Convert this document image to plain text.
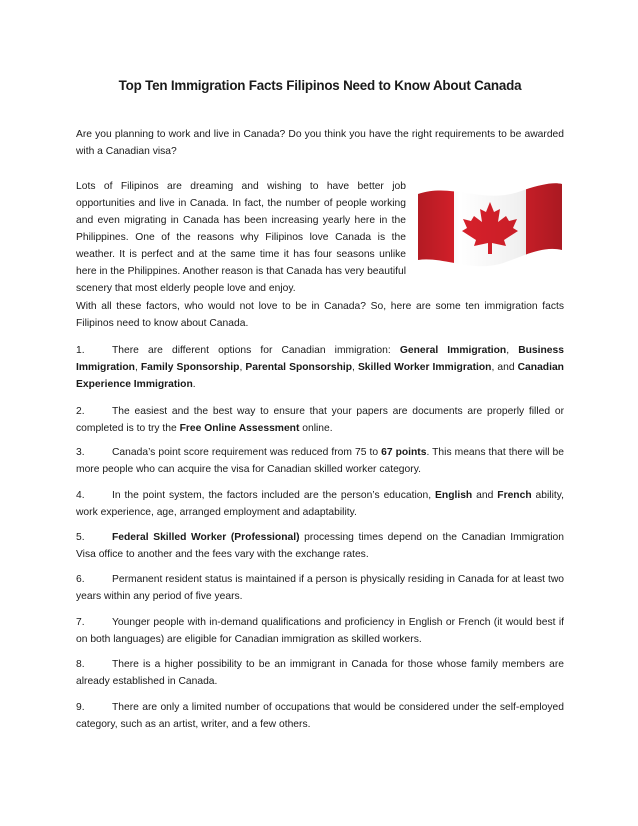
Top Ten Immigration Facts Filipinos Need to Know About Canada

Are you planning to work and live in Canada? Do you think you have the right requirements to be awarded with a Canadian visa?

Lots of Filipinos are dreaming and wishing to have better job opportunities and live in Canada. In fact, the number of people working and even migrating in Canada has been increasing yearly here in the Philippines. One of the reasons why Filipinos love Canada is the weather. It is perfect and at the same time it has four seasons unlike here in the Philippines. Another reason is that Canada has very beautiful scenery that most elderly people love and enjoy.

With all these factors, who would not love to be in Canada? So, here are some ten immigration facts Filipinos need to know about Canada.

1.	There are different options for Canadian immigration: General Immigration, Business Immigration, Family Sponsorship, Parental Sponsorship, Skilled Worker Immigration, and Canadian Experience Immigration.

2.	The easiest and the best way to ensure that your papers are documents are properly filled or completed is to try the Free Online Assessment online.

3.	Canada’s point score requirement was reduced from 75 to 67 points. This means that there will be more people who can acquire the visa for Canadian skilled worker category.

4.	In the point system, the factors included are the person’s education, English and French ability, work experience, age, arranged employment and adaptability.

5.	Federal Skilled Worker (Professional) processing times depend on the Canadian Immigration Visa office to another and the fees vary with the exchange rates.

6.	Permanent resident status is maintained if a person is physically residing in Canada for at least two years within any period of five years.

7.	Younger people with in-demand qualifications and proficiency in English or French (it would best if on both languages) are eligible for Canadian immigration as skilled workers.

8.	There is a higher possibility to be an immigrant in Canada for those whose family members are already established in Canada.

9.	There are only a limited number of occupations that would be considered under the self-employed category, such as an artist, writer, and a few others.
